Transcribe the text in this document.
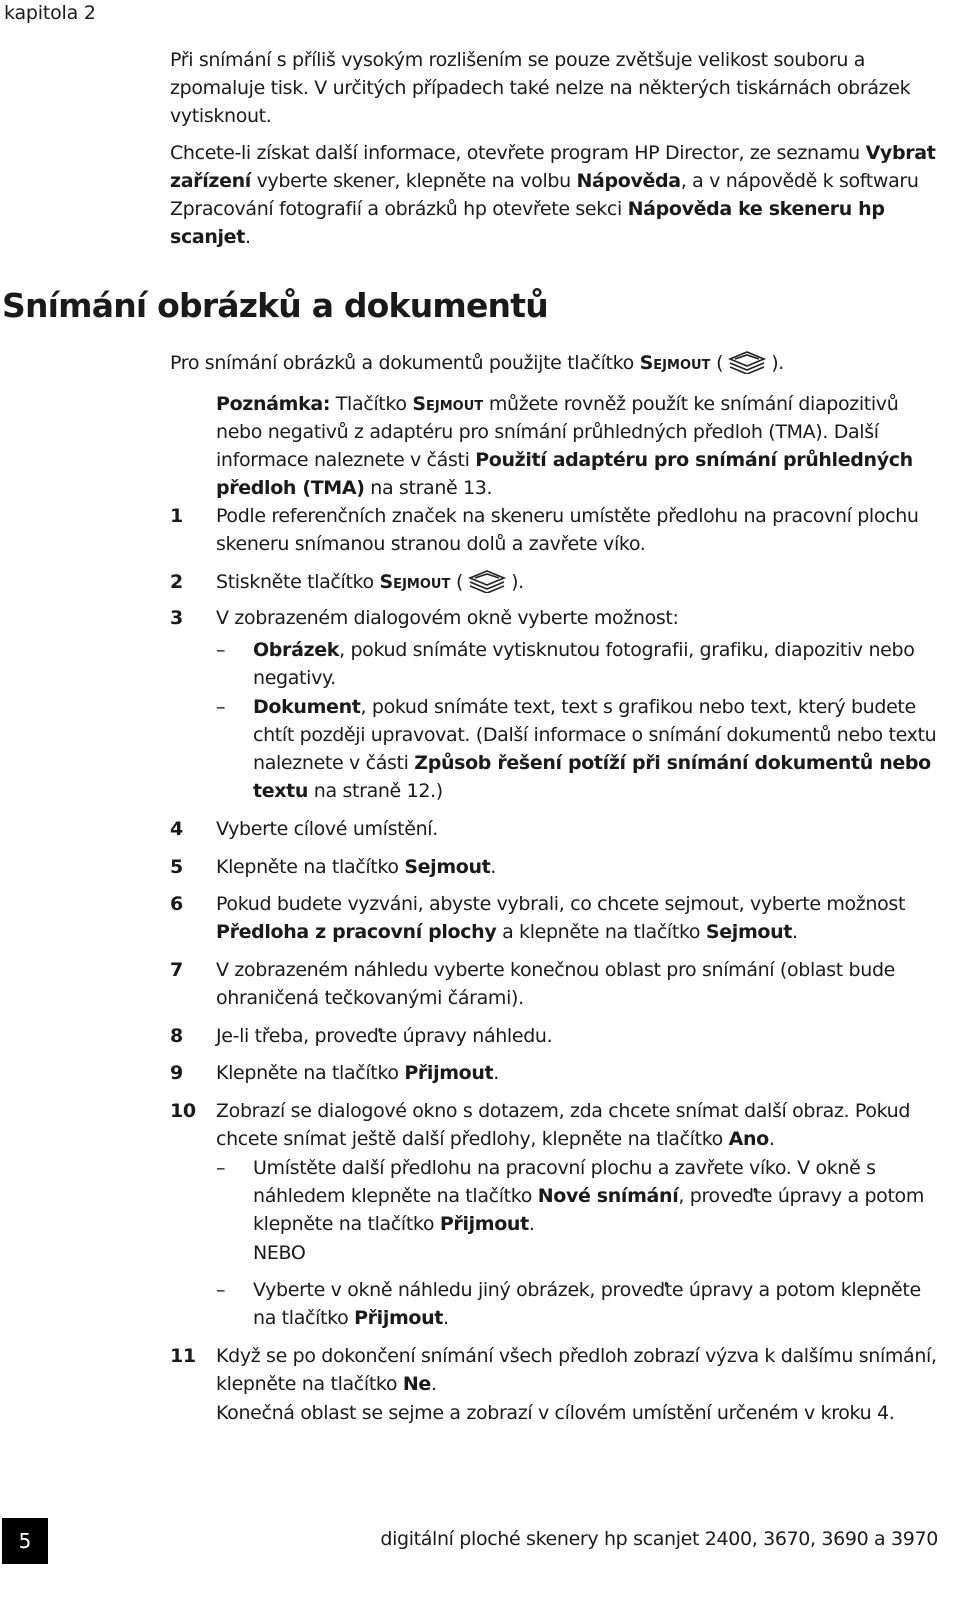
kapitola 2

Při snímání s příliš vysokým rozlišením se pouze zvětšuje velikost souboru a zpomaluje tisk. V určitých případech také nelze na některých tiskárnách obrázek vytisknout.

Chcete-li získat další informace, otevřete program HP Director, ze seznamu Vybrat zařízení vyberte skener, klepněte na volbu Nápověda, a v nápovědě k softwaru Zpracování fotografií a obrázků hp otevřete sekci Nápověda ke skeneru hp scanjet.

Snímání obrázků a dokumentů
Pro snímání obrázků a dokumentů použijte tlačítko Sejmout (	).
Poznámka: Tlačítko Sejmout můžete rovněž použít ke snímání diapozitivů nebo negativů z adaptéru pro snímání průhledných předloh (TMA). Další informace naleznete v části Použití adaptéru pro snímání průhledných předloh (TMA) na straně 13.
1 Podle referenčních značek na skeneru umístěte předlohu na pracovní plochu skeneru snímanou stranou dolů a zavřete víko.
2 Stiskněte tlačítko Sejmout (	).
3 V zobrazeném dialogovém okně vyberte možnost:
– Obrázek, pokud snímáte vytisknutou fotografii, grafiku, diapozitiv nebo negativy.
– Dokument, pokud snímáte text, text s grafikou nebo text, který budete chtít později upravovat. (Další informace o snímání dokumentů nebo textu naleznete v části Způsob řešení potíží při snímání dokumentů nebo textu na straně 12.)
4 Vyberte cílové umístění.
5 Klepněte na tlačítko Sejmout.
6 Pokud budete vyzváni, abyste vybrali, co chcete sejmout, vyberte možnost Předloha z pracovní plochy a klepněte na tlačítko Sejmout.
7 V zobrazeném náhledu vyberte konečnou oblast pro snímání (oblast bude ohraničená tečkovanými čárami).
8 Je-li třeba, proveďte úpravy náhledu.
9 Klepněte na tlačítko Přijmout.
10 Zobrazí se dialogové okno s dotazem, zda chcete snímat další obraz. Pokud chcete snímat ještě další předlohy, klepněte na tlačítko Ano.
– Umístěte další předlohu na pracovní plochu a zavřete víko. V okně s náhledem klepněte na tlačítko Nové snímání, proveďte úpravy a potom klepněte na tlačítko Přijmout.
NEBO
– Vyberte v okně náhledu jiný obrázek, proveďte úpravy a potom klepněte na tlačítko Přijmout.
11 Když se po dokončení snímání všech předloh zobrazí výzva k dalšímu snímání, klepněte na tlačítko Ne.
Konečná oblast se sejme a zobrazí v cílovém umístění určeném v kroku 4.
5	digitální ploché skenery hp scanjet 2400, 3670, 3690 a 3970
